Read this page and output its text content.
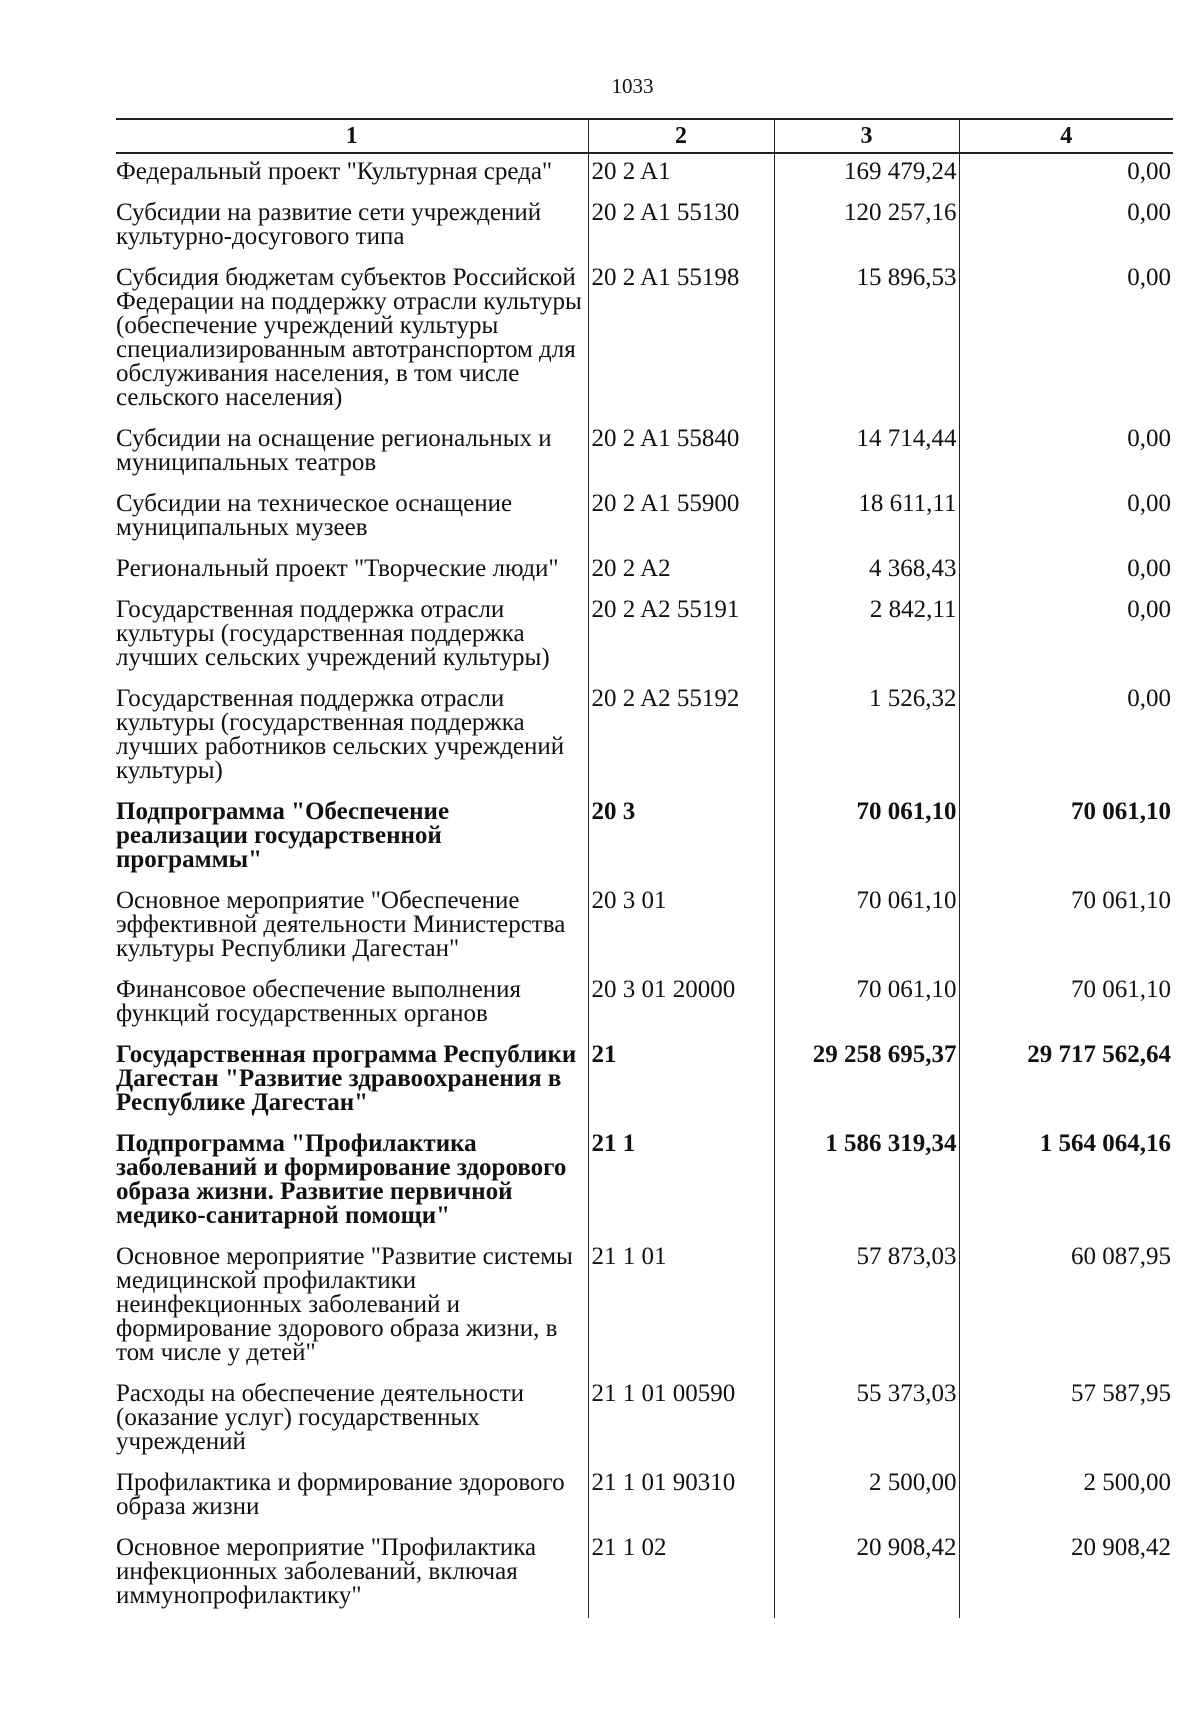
1033
1	2	3	4
Федеральный проект "Культурная среда"	20 2 A1	169 479,24	0,00
Субсидии на развитие сети учреждений культурно-досугового типа	20 2 A1 55130	120 257,16	0,00
Субсидия бюджетам субъектов Российской Федерации на поддержку отрасли культуры (обеспечение учреждений культуры специализированным автотранспортом для обслуживания населения, в том числе сельского населения)	20 2 A1 55198	15 896,53	0,00
Субсидии на оснащение региональных и муниципальных театров	20 2 A1 55840	14 714,44	0,00
Субсидии на техническое оснащение муниципальных музеев	20 2 A1 55900	18 611,11	0,00
Региональный проект "Творческие люди"	20 2 A2	4 368,43	0,00
Государственная поддержка отрасли культуры (государственная поддержка лучших сельских учреждений культуры)	20 2 A2 55191	2 842,11	0,00
Государственная поддержка отрасли культуры (государственная поддержка лучших работников сельских учреждений культуры)	20 2 A2 55192	1 526,32	0,00
Подпрограмма "Обеспечение реализации государственной программы"	20 3	70 061,10	70 061,10
Основное мероприятие "Обеспечение эффективной деятельности Министерства культуры Республики Дагестан"	20 3 01	70 061,10	70 061,10
Финансовое обеспечение выполнения функций государственных органов	20 3 01 20000	70 061,10	70 061,10
Государственная программа Республики Дагестан "Развитие здравоохранения в Республике Дагестан"	21	29 258 695,37	29 717 562,64
Подпрограмма "Профилактика заболеваний и формирование здорового образа жизни. Развитие первичной медико-санитарной помощи"	21 1	1 586 319,34	1 564 064,16
Основное мероприятие "Развитие системы медицинской профилактики неинфекционных заболеваний и формирование здорового образа жизни, в том числе у детей"	21 1 01	57 873,03	60 087,95
Расходы на обеспечение деятельности (оказание услуг) государственных учреждений	21 1 01 00590	55 373,03	57 587,95
Профилактика и формирование здорового образа жизни	21 1 01 90310	2 500,00	2 500,00
Основное мероприятие "Профилактика инфекционных заболеваний, включая иммунопрофилактику"	21 1 02	20 908,42	20 908,42
